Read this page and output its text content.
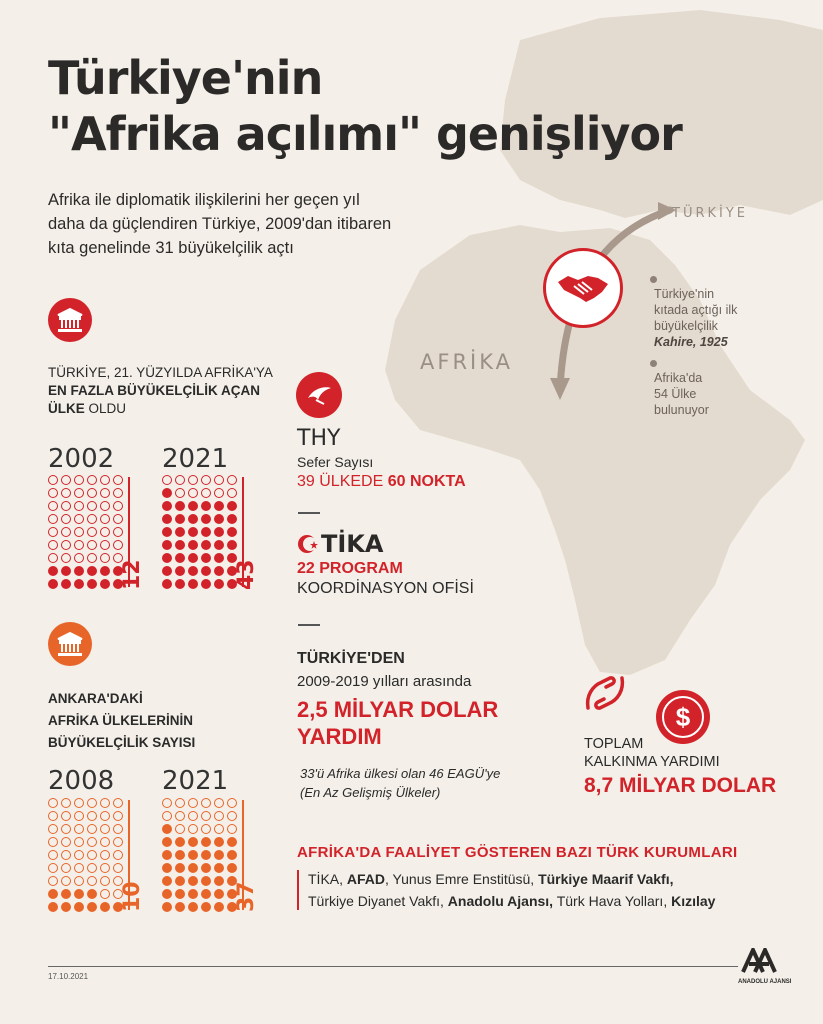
Türkiye'nin
"Afrika açılımı" genişliyor
Afrika ile diplomatik ilişkilerini her geçen yıl
daha da güçlendiren Türkiye, 2009'dan itibaren
kıta genelinde 31 büyükelçilik açtı
TÜRKİYE
AFRİKA
Türkiye'nin
kıtada açtığı ilk
büyükelçilik
Kahire, 1925
Afrika'da
54 Ülke
bulunuyor
TÜRKİYE, 21. YÜZYILDA AFRİKA'YA
EN FAZLA BÜYÜKELÇİLİK AÇAN
ÜLKE OLDU
2002 2021
12	43
ANKARA'DAKİ
AFRİKA ÜLKELERİNİN
BÜYÜKELÇİLİK SAYISI
2008 2021
10	37
THY
Sefer Sayısı
39 ÜLKEDE 60 NOKTA
TİKA
22 PROGRAM
KOORDİNASYON OFİSİ
TÜRKİYE'DEN
2009-2019 yılları arasında
2,5 MİLYAR DOLAR
YARDIM
33'ü Afrika ülkesi olan 46 EAGÜ'ye
(En Az Gelişmiş Ülkeler)
$
TOPLAM
KALKINMA YARDIMI
8,7 MİLYAR DOLAR
AFRİKA'DA FAALİYET GÖSTEREN BAZI TÜRK KURUMLARI
TİKA, AFAD, Yunus Emre Enstitüsü, Türkiye Maarif Vakfı,
Türkiye Diyanet Vakfı, Anadolu Ajansı, Türk Hava Yolları, Kızılay
17.10.2021
ANADOLU AJANSI
